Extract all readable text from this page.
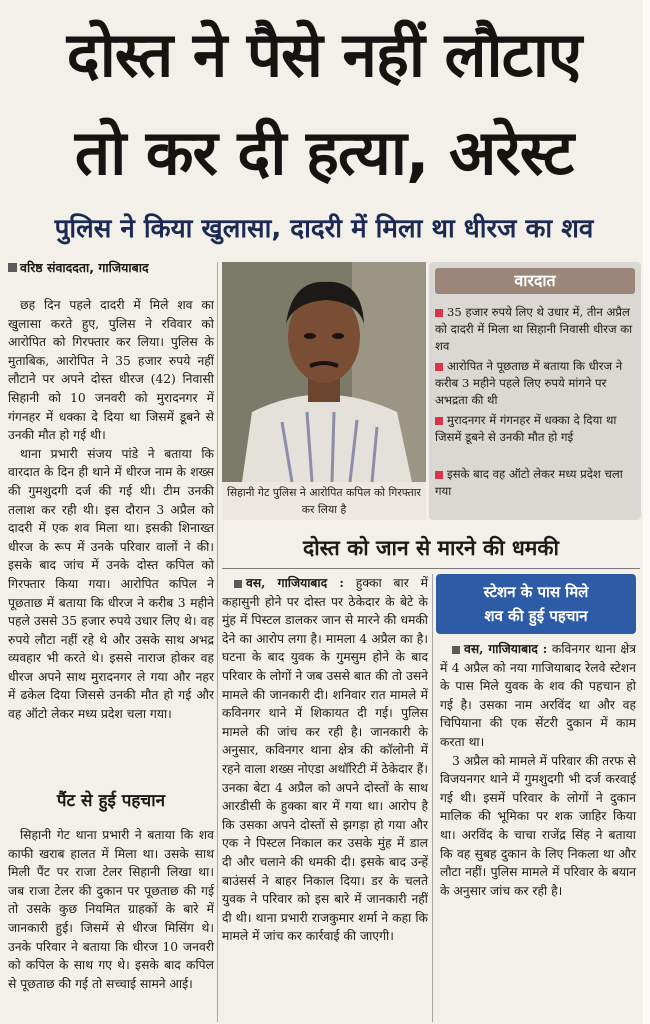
दोस्त ने पैसे नहीं लौटाए
तो कर दी हत्या, अरेस्ट
पुलिस ने किया खुलासा, दादरी में मिला था धीरज का शव
वरिष्ठ संवाददता, गाजियाबाद

छह दिन पहले दादरी में मिले शव का खुलासा करते हुए, पुलिस ने रविवार को आरोपित को गिरफ्तार कर लिया। पुलिस के मुताबिक, आरोपित ने 35 हजार रुपये नहीं लौटाने पर अपने दोस्त धीरज (42) निवासी सिहानी को 10 जनवरी को मुरादनगर में गंगनहर में धक्का दे दिया था जिसमें डूबने से उनकी मौत हो गई थी।

थाना प्रभारी संजय पांडे ने बताया कि वारदात के दिन ही थाने में धीरज नाम के शख्स की गुमशुदगी दर्ज की गई थी। टीम उनकी तलाश कर रही थी। इस दौरान 3 अप्रैल को दादरी में एक शव मिला था। इसकी शिनाख्त धीरज के रूप में उनके परिवार वालों ने की। इसके बाद जांच में उनके दोस्त कपिल को गिरफ्तार किया गया। आरोपित कपिल ने पूछताछ में बताया कि धीरज ने करीब 3 महीने पहले उससे 35 हजार रुपये उधार लिए थे। वह रुपये लौटा नहीं रहे थे और उसके साथ अभद्र व्यवहार भी करते थे। इससे नाराज होकर वह धीरज अपने साथ मुरादनगर ले गया और नहर में ढकेल दिया जिससे उनकी मौत हो गई और वह ऑटो लेकर मध्य प्रदेश चला गया।

पैंट से हुई पहचान

सिहानी गेट थाना प्रभारी ने बताया कि शव काफी खराब हालत में मिला था। उसके साथ मिली पैंट पर राजा टेलर सिहानी लिखा था। जब राजा टेलर की दुकान पर पूछताछ की गई तो उसके कुछ नियमित ग्राहकों के बारे में जानकारी हुई। जिसमें से धीरज मिसिंग थे। उनके परिवार ने बताया कि धीरज 10 जनवरी को कपिल के साथ गए थे। इसके बाद कपिल से पूछताछ की गई तो सच्चाई सामने आई।

सिहानी गेट पुलिस ने आरोपित कपिल को गिरफ्तार कर लिया है
वारदात
35 हजार रुपये लिए थे उधार में, तीन अप्रैल को दादरी में मिला था सिहानी निवासी धीरज का शव
आरोपित ने पूछताछ में बताया कि धीरज ने करीब 3 महीने पहले लिए रुपये मांगने पर अभद्रता की थी
मुरादनगर में गंगनहर में धक्का दे दिया था जिसमें डूबने से उनकी मौत हो गई
इसके बाद वह ऑटो लेकर मध्य प्रदेश चला गया
दोस्त को जान से मारने की धमकी

वस, गाजियाबाद : हुक्का बार में कहासुनी होने पर दोस्त पर ठेकेदार के बेटे के मुंह में पिस्टल डालकर जान से मारने की धमकी देने का आरोप लगा है। मामला 4 अप्रैल का है। घटना के बाद युवक के गुमसुम होने के बाद परिवार के लोगों ने जब उससे बात की तो उसने मामले की जानकारी दी। शनिवार रात मामले में कविनगर थाने में शिकायत दी गई। पुलिस मामले की जांच कर रही है। जानकारी के अनुसार, कविनगर थाना क्षेत्र की कॉलोनी में रहने वाला शख्स नोएडा अथॉरिटी में ठेकेदार हैं। उनका बेटा 4 अप्रैल को अपने दोस्तों के साथ आरडीसी के हुक्का बार में गया था। आरोप है कि उसका अपने दोस्तों से झगड़ा हो गया और एक ने पिस्टल निकाल कर उसके मुंह में डाल दी और चलाने की धमकी दी। इसके बाद उन्हें बाउंसर्स ने बाहर निकाल दिया। डर के चलते युवक ने परिवार को इस बारे में जानकारी नहीं दी थी। थाना प्रभारी राजकुमार शर्मा ने कहा कि मामले में जांच कर कार्रवाई की जाएगी।

स्टेशन के पास मिले
शव की हुई पहचान

वस, गाजियाबाद : कविनगर थाना क्षेत्र में 4 अप्रैल को नया गाजियाबाद रेलवे स्टेशन के पास मिले युवक के शव की पहचान हो गई है। उसका नाम अरविंद था और वह चिपियाना की एक सेंटरी दुकान में काम करता था।

3 अप्रैल को मामले में परिवार की तरफ से विजयनगर थाने में गुमशुदगी भी दर्ज करवाई गई थी। इसमें परिवार के लोगों ने दुकान मालिक की भूमिका पर शक जाहिर किया था। अरविंद के चाचा राजेंद्र सिंह ने बताया कि वह सुबह दुकान के लिए निकला था और लौटा नहीं। पुलिस मामले में परिवार के बयान के अनुसार जांच कर रही है।
